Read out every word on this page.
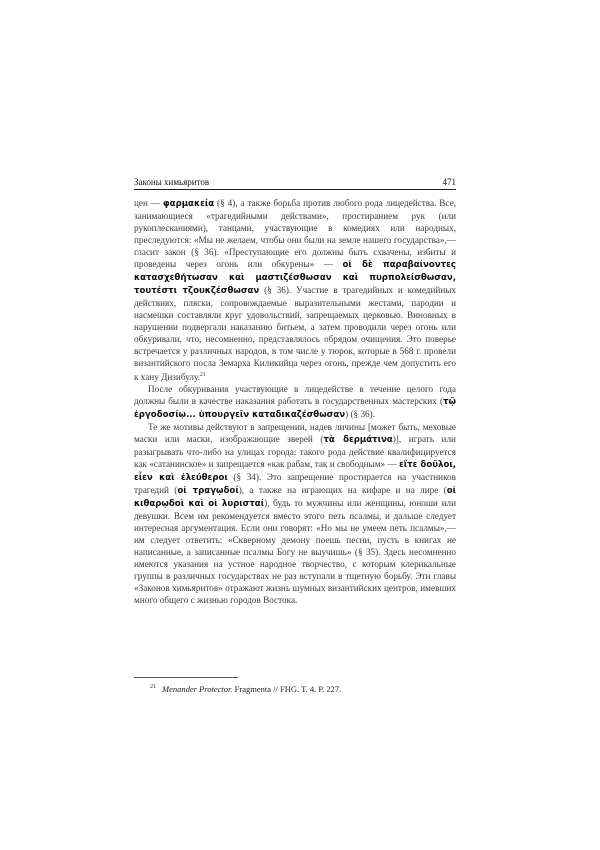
Законы химьяритов	471

цен — φαρμακεία (§ 4), а также борьба против любого рода лицедейства. Все, занимающиеся «трагедийными действами», простиранием рук (или рукоплесканиями), танцами, участвующие в комедиях или народных, преследуются: «Мы не желаем, чтобы они были на земле нашего государства»,— гласит закон (§ 36). «Преступающие его должны быть схвачены, избиты и проведены через огонь или обкурены» — οἱ δὲ παραβαίνοντες κατασχεθήτωσαν καὶ μαστιζέσθωσαν καὶ πυρπολείσθωσαν, τουτέστι τζουκζέσθωσαν (§ 36). Участие в трагедийных и комедийных действиях, пляски, сопровождаемые выразительными жестами, пародии и насмешки составляли круг удовольствий, запрещаемых церковью. Виновных в нарушении подвергали наказанию битьем, а затем проводили через огонь или обкуривали, что, несомненно, представлялось обрядом очищения. Это поверье встречается у различных народов, в том числе у тюрок, которые в 568 г. провели византийского посла Земарха Киликийца через огонь, прежде чем допустить его к хану Дизибулу.$^{21}$

После обкуривания участвующие в лицедействе в течение целого года должны были в качестве наказания работать в государственных мастерских (τῷ ἐργοδοσίῳ... ὑπουργεῖν καταδικαζέσθωσαν) (§ 36).

Те же мотивы действуют в запрещении, надев личины [может быть, меховые маски или маски, изображающие зверей (τὰ δερμάτινα)], играть или разыгрывать что-либо на улицах города: такого рода действие квалифицируется как «сатанинское» и запрещается «как рабам, так и свободным» — εἴτε δοῦλοι, εἶεν καὶ ἐλεύθεροι (§ 34). Это запрещение простирается на участников трагедий (οἱ τραγῳδοί), а также на играющих на кифаре и на лире (οἱ κιθαρῳδοὶ καὶ οἱ λυρισταί), будь то мужчины или женщины, юноши или девушки. Всем им рекомендуется вместо этого петь псалмы, и дальше следует интересная аргументация. Если они говорят: «Но мы не умеем петь псалмы»,— им следует ответить: «Скверному демону поешь песни, пусть в книгах не написанные, а записанные псалмы Богу не выучишь» (§ 35). Здесь несомненно имеются указания на устное народное творчество, с которым клерикальные группы в различных государствах не раз вступали в тщетную борьбу. Эти главы «Законов химьяритов» отражают жизнь шумных византийских центров, имевших много общего с жизнью городов Востока.

$^{21}$ Menander Protector. Fragmenta // FHG. T. 4. P. 227.
